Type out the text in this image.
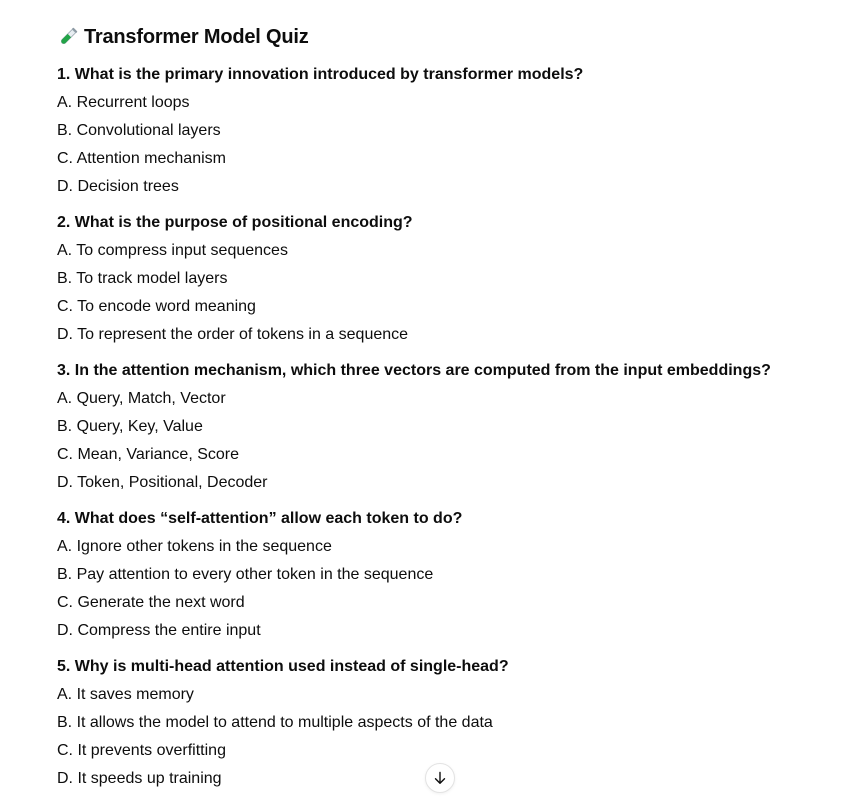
Transformer Model Quiz
1. What is the primary innovation introduced by transformer models?
A. Recurrent loops
B. Convolutional layers
C. Attention mechanism
D. Decision trees
2. What is the purpose of positional encoding?
A. To compress input sequences
B. To track model layers
C. To encode word meaning
D. To represent the order of tokens in a sequence
3. In the attention mechanism, which three vectors are computed from the input embeddings?
A. Query, Match, Vector
B. Query, Key, Value
C. Mean, Variance, Score
D. Token, Positional, Decoder
4. What does “self-attention” allow each token to do?
A. Ignore other tokens in the sequence
B. Pay attention to every other token in the sequence
C. Generate the next word
D. Compress the entire input
5. Why is multi-head attention used instead of single-head?
A. It saves memory
B. It allows the model to attend to multiple aspects of the data
C. It prevents overfitting
D. It speeds up training
